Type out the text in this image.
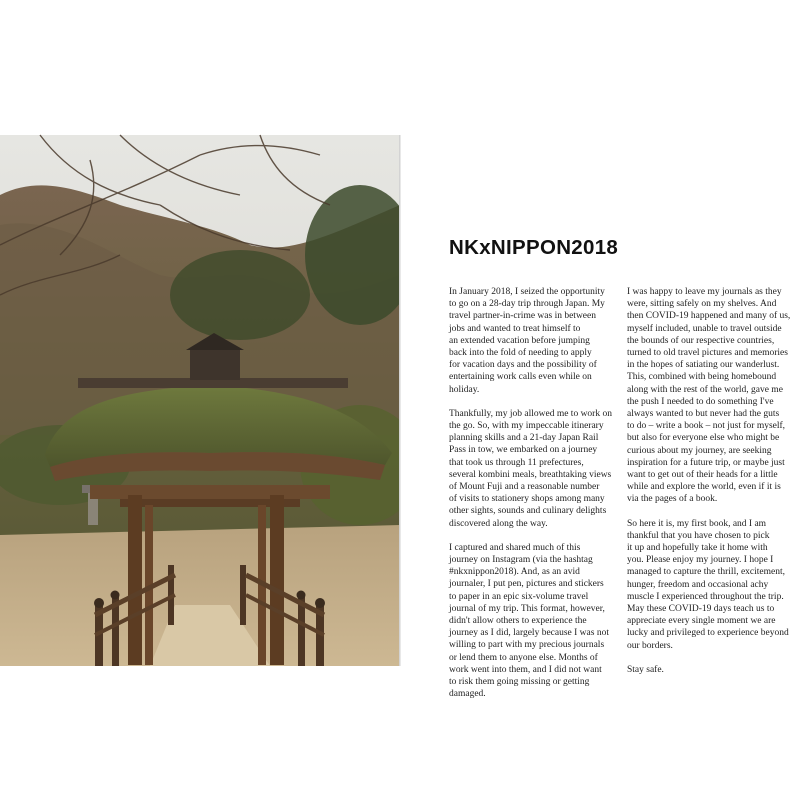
NKxNIPPON2018

In January 2018, I seized the opportunity
to go on a 28-day trip through Japan. My
travel partner-in-crime was in between
jobs and wanted to treat himself to
an extended vacation before jumping
back into the fold of needing to apply
for vacation days and the possibility of
entertaining work calls even while on
holiday.

Thankfully, my job allowed me to work on
the go. So, with my impeccable itinerary
planning skills and a 21-day Japan Rail
Pass in tow, we embarked on a journey
that took us through 11 prefectures,
several kombini meals, breathtaking views
of Mount Fuji and a reasonable number
of visits to stationery shops among many
other sights, sounds and culinary delights
discovered along the way.

I captured and shared much of this
journey on Instagram (via the hashtag
#nkxnippon2018). And, as an avid
journaler, I put pen, pictures and stickers
to paper in an epic six-volume travel
journal of my trip. This format, however,
didn't allow others to experience the
journey as I did, largely because I was not
willing to part with my precious journals
or lend them to anyone else. Months of
work went into them, and I did not want
to risk them going missing or getting
damaged.

I was happy to leave my journals as they
were, sitting safely on my shelves. And
then COVID-19 happened and many of us,
myself included, unable to travel outside
the bounds of our respective countries,
turned to old travel pictures and memories
in the hopes of satiating our wanderlust.
This, combined with being homebound
along with the rest of the world, gave me
the push I needed to do something I've
always wanted to but never had the guts
to do – write a book – not just for myself,
but also for everyone else who might be
curious about my journey, are seeking
inspiration for a future trip, or maybe just
want to get out of their heads for a little
while and explore the world, even if it is
via the pages of a book.

So here it is, my first book, and I am
thankful that you have chosen to pick
it up and hopefully take it home with
you. Please enjoy my journey. I hope I
managed to capture the thrill, excitement,
hunger, freedom and occasional achy
muscle I experienced throughout the trip.
May these COVID-19 days teach us to
appreciate every single moment we are
lucky and privileged to experience beyond
our borders.

Stay safe.
